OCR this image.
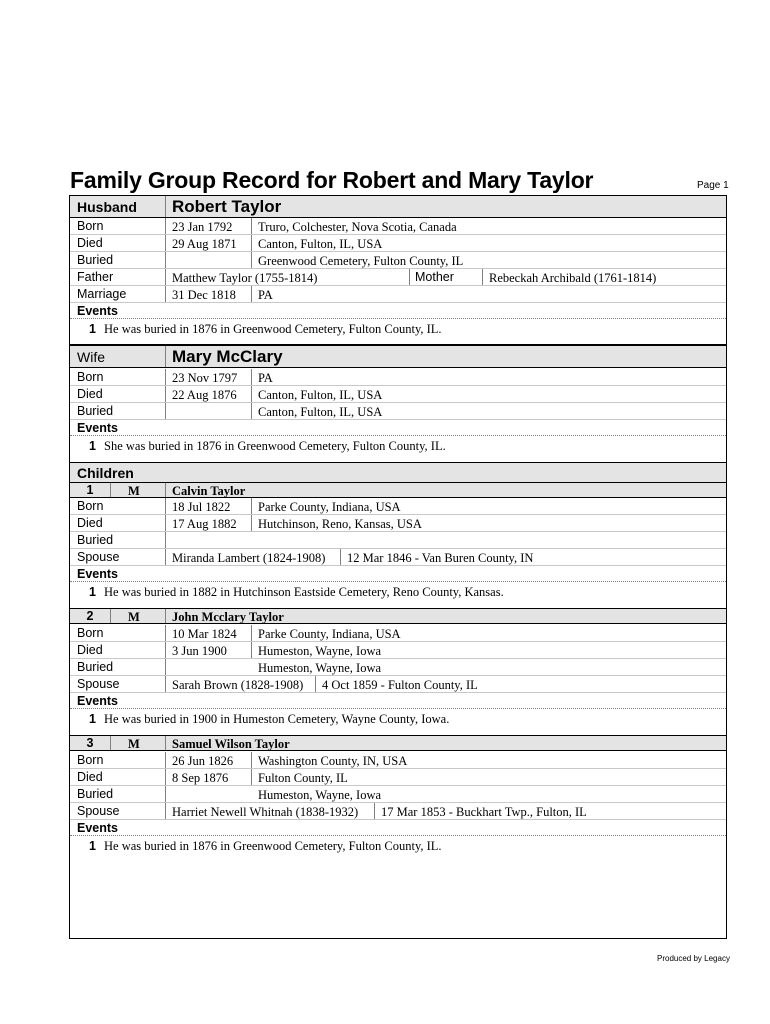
Family Group Record for Robert and Mary Taylor	Page 1
Husband Robert Taylor
Born	23 Jan 1792 Truro, Colchester, Nova Scotia, Canada
Died	29 Aug 1871 Canton, Fulton, IL, USA
Buried	Greenwood Cemetery, Fulton County, IL
Father	Matthew Taylor (1755-1814)	Mother	Rebeckah Archibald (1761-1814)
Marriage	31 Dec 1818 PA
Events
1 He was buried in 1876 in Greenwood Cemetery, Fulton County, IL.
Wife	Mary McClary
Born	23 Nov 1797 PA
Died	22 Aug 1876 Canton, Fulton, IL, USA
Buried	Canton, Fulton, IL, USA
Events
1 She was buried in 1876 in Greenwood Cemetery, Fulton County, IL.
Children
1	M	Calvin Taylor
Born	18 Jul 1822 Parke County, Indiana, USA
Died	17 Aug 1882 Hutchinson, Reno, Kansas, USA
Buried
Spouse	Miranda Lambert (1824-1908) 12 Mar 1846 - Van Buren County, IN
Events
1 He was buried in 1882 in Hutchinson Eastside Cemetery, Reno County, Kansas.
2	M	John Mcclary Taylor
Born	10 Mar 1824 Parke County, Indiana, USA
Died	3 Jun 1900 Humeston, Wayne, Iowa
Buried	Humeston, Wayne, Iowa
Spouse	Sarah Brown (1828-1908) 4 Oct 1859 - Fulton County, IL
Events
1 He was buried in 1900 in Humeston Cemetery, Wayne County, Iowa.
3	M	Samuel Wilson Taylor
Born	26 Jun 1826 Washington County, IN, USA
Died	8 Sep 1876 Fulton County, IL
Buried	Humeston, Wayne, Iowa
Spouse	Harriet Newell Whitnah (1838-1932) 17 Mar 1853 - Buckhart Twp., Fulton, IL
Events
1 He was buried in 1876 in Greenwood Cemetery, Fulton County, IL.
Produced by Legacy
